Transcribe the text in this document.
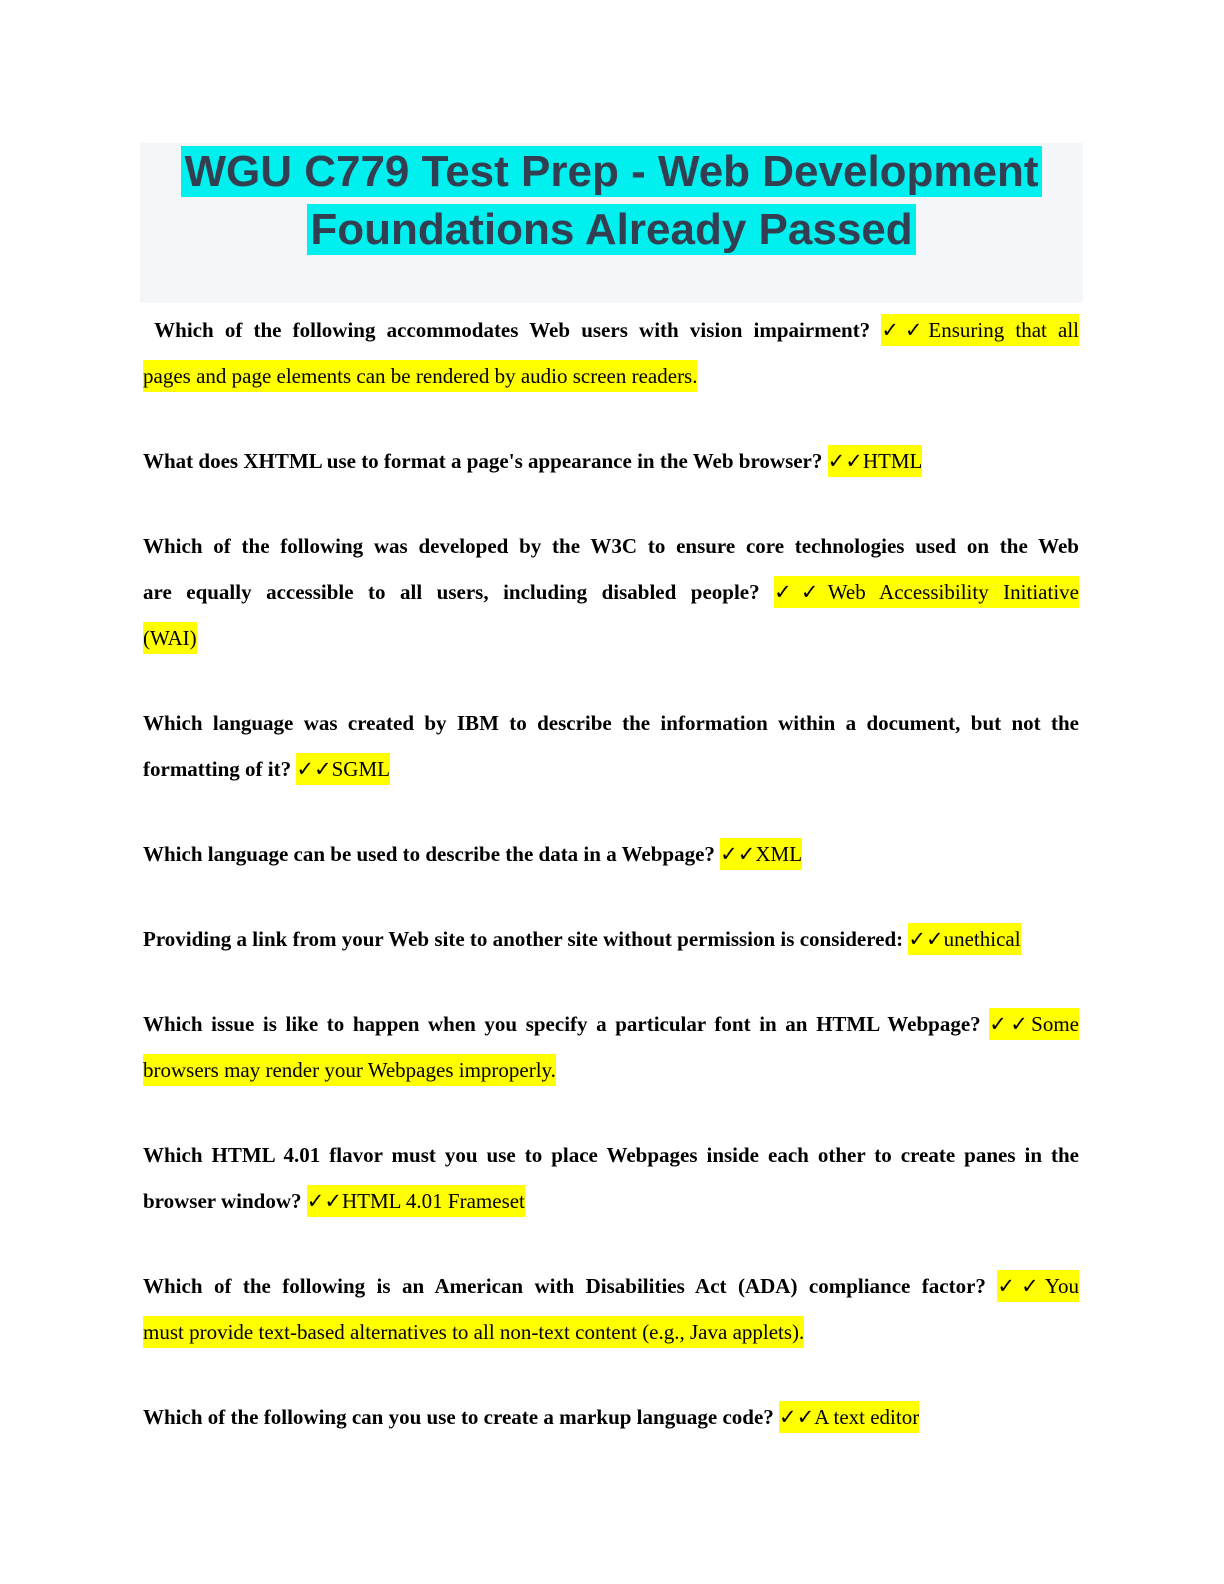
WGU C779 Test Prep - Web Development
Foundations Already Passed
Which of the following accommodates Web users with vision impairment? ✓✓Ensuring that all
pages and page elements can be rendered by audio screen readers.
What does XHTML use to format a page's appearance in the Web browser? ✓✓HTML
Which of the following was developed by the W3C to ensure core technologies used on the Web
are equally accessible to all users, including disabled people? ✓✓Web Accessibility Initiative
(WAI)
Which language was created by IBM to describe the information within a document, but not the
formatting of it? ✓✓SGML
Which language can be used to describe the data in a Webpage? ✓✓XML
Providing a link from your Web site to another site without permission is considered: ✓✓unethical
Which issue is like to happen when you specify a particular font in an HTML Webpage? ✓✓Some
browsers may render your Webpages improperly.
Which HTML 4.01 flavor must you use to place Webpages inside each other to create panes in the
browser window? ✓✓HTML 4.01 Frameset
Which of the following is an American with Disabilities Act (ADA) compliance factor? ✓✓You
must provide text-based alternatives to all non-text content (e.g., Java applets).
Which of the following can you use to create a markup language code? ✓✓A text editor
